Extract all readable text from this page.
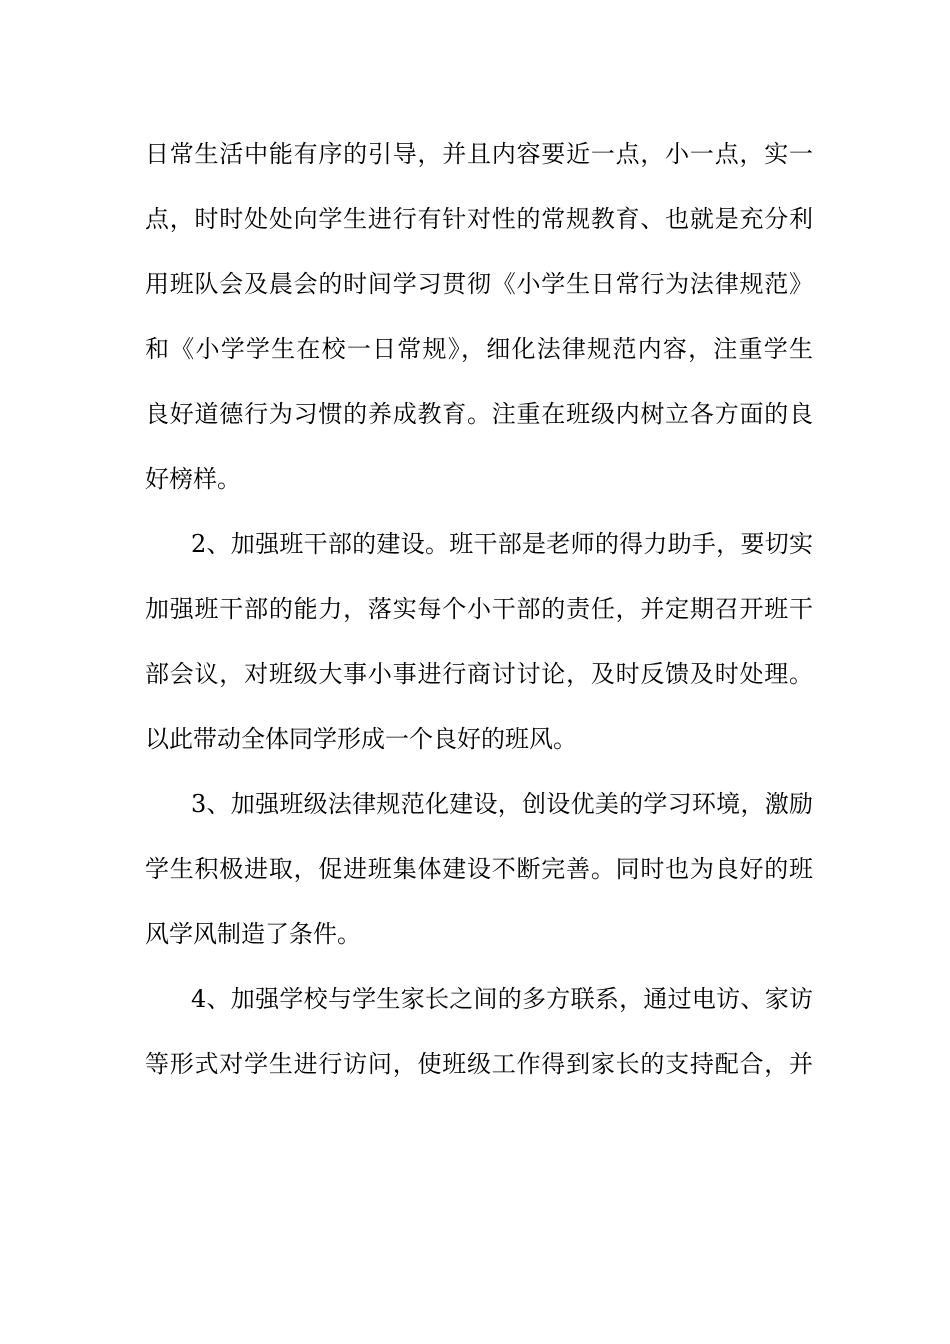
日常生活中能有序的引导，并且内容要近一点，小一点，实一
点，时时处处向学生进行有针对性的常规教育、也就是充分利
用班队会及晨会的时间学习贯彻《小学生日常行为法律规范》
和《小学学生在校一日常规》，细化法律规范内容，注重学生
良好道德行为习惯的养成教育。注重在班级内树立各方面的良
好榜样。
2、加强班干部的建设。班干部是老师的得力助手，要切实
加强班干部的能力，落实每个小干部的责任，并定期召开班干
部会议，对班级大事小事进行商讨讨论，及时反馈及时处理。
以此带动全体同学形成一个良好的班风。
3、加强班级法律规范化建设，创设优美的学习环境，激励
学生积极进取，促进班集体建设不断完善。同时也为良好的班
风学风制造了条件。
4、加强学校与学生家长之间的多方联系，通过电访、家访
等形式对学生进行访问，使班级工作得到家长的支持配合，并
